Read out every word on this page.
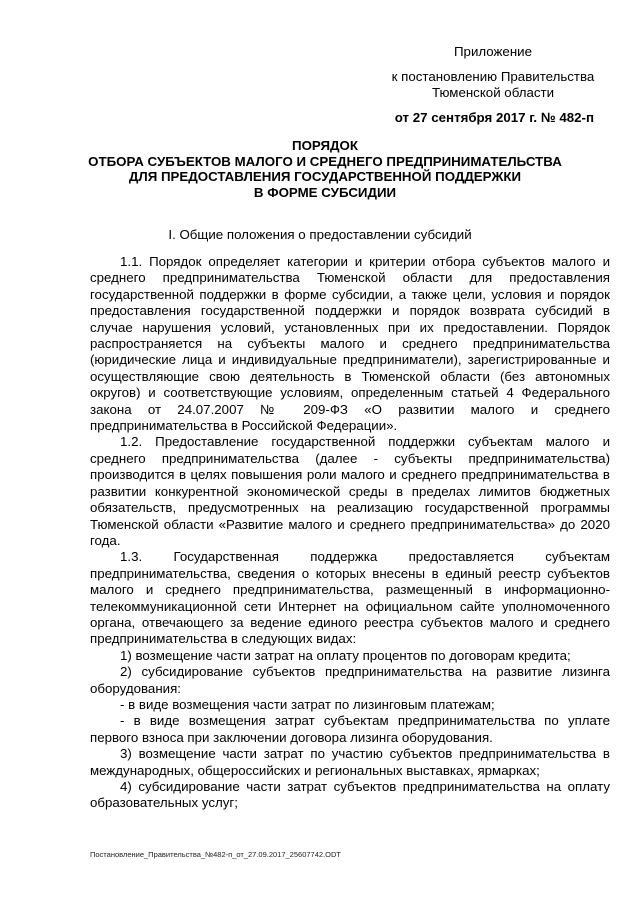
Приложение
к постановлению Правительства
Тюменской области
от 27 сентября 2017 г. № 482-п
ПОРЯДОК
ОТБОРА СУБЪЕКТОВ МАЛОГО И СРЕДНЕГО ПРЕДПРИНИМАТЕЛЬСТВА
ДЛЯ ПРЕДОСТАВЛЕНИЯ ГОСУДАРСТВЕННОЙ ПОДДЕРЖКИ
В ФОРМЕ СУБСИДИИ
I. Общие положения о предоставлении субсидий

1.1. Порядок определяет категории и критерии отбора субъектов малого и среднего предпринимательства Тюменской области для предоставления государственной поддержки в форме субсидии, а также цели, условия и порядок предоставления государственной поддержки и порядок возврата субсидий в случае нарушения условий, установленных при их предоставлении. Порядок распространяется на субъекты малого и среднего предпринимательства (юридические лица и индивидуальные предприниматели), зарегистрированные и осуществляющие свою деятельность в Тюменской области (без автономных округов) и соответствующие условиям, определенным статьей 4 Федерального закона от 24.07.2007 № 209-ФЗ «О развитии малого и среднего предпринимательства в Российской Федерации».

1.2. Предоставление государственной поддержки субъектам малого и среднего предпринимательства (далее - субъекты предпринимательства) производится в целях повышения роли малого и среднего предпринимательства в развитии конкурентной экономической среды в пределах лимитов бюджетных обязательств, предусмотренных на реализацию государственной программы Тюменской области «Развитие малого и среднего предпринимательства» до 2020 года.

1.3. Государственная поддержка предоставляется субъектам предпринимательства, сведения о которых внесены в единый реестр субъектов малого и среднего предпринимательства, размещенный в информационно-телекоммуникационной сети Интернет на официальном сайте уполномоченного органа, отвечающего за ведение единого реестра субъектов малого и среднего предпринимательства в следующих видах:

1) возмещение части затрат на оплату процентов по договорам кредита;

2) субсидирование субъектов предпринимательства на развитие лизинга оборудования:

- в виде возмещения части затрат по лизинговым платежам;

- в виде возмещения затрат субъектам предпринимательства по уплате первого взноса при заключении договора лизинга оборудования.

3) возмещение части затрат по участию субъектов предпринимательства в международных, общероссийских и региональных выставках, ярмарках;

4) субсидирование части затрат субъектов предпринимательства на оплату образовательных услуг;

Постановление_Правительства_№482-п_от_27.09.2017_25607742.ODT
